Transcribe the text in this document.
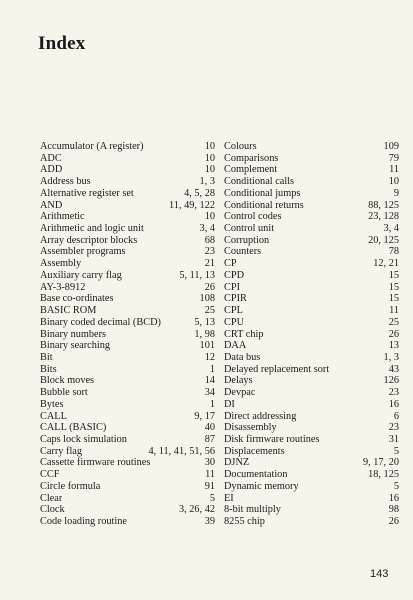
Index
Accumulator (A register)	10
ADC	10
ADD	10
Address bus	1, 3
Alternative register set	4, 5, 28
AND	11, 49, 122
Arithmetic	10
Arithmetic and logic unit	3, 4
Array descriptor blocks	68
Assembler programs	23
Assembly	21
Auxiliary carry flag	5, 11, 13
AY-3-8912	26
Base co-ordinates	108
BASIC ROM	25
Binary coded decimal (BCD)	5, 13
Binary numbers	1, 98
Binary searching	101
Bit	12
Bits	1
Block moves	14
Bubble sort	34
Bytes	1
CALL	9, 17
CALL (BASIC)	40
Caps lock simulation	87
Carry flag	4, 11, 41, 51, 56
Cassette firmware routines	30
CCF	11
Circle formula	91
Clear	5
Clock	3, 26, 42
Code loading routine	39
Colours	109
Comparisons	79
Complement	11
Conditional calls	10
Conditional jumps	9
Conditional returns	88, 125
Control codes	23, 128
Control unit	3, 4
Corruption	20, 125
Counters	78
CP	12, 21
CPD	15
CPI	15
CPIR	15
CPL	11
CPU	25
CRT chip	26
DAA	13
Data bus	1, 3
Delayed replacement sort	43
Delays	126
Devpac	23
DI	16
Direct addressing	6
Disassembly	23
Disk firmware routines	31
Displacements	5
DJNZ	9, 17, 20
Documentation	18, 125
Dynamic memory	5
EI	16
8-bit multiply	98
8255 chip	26
143
